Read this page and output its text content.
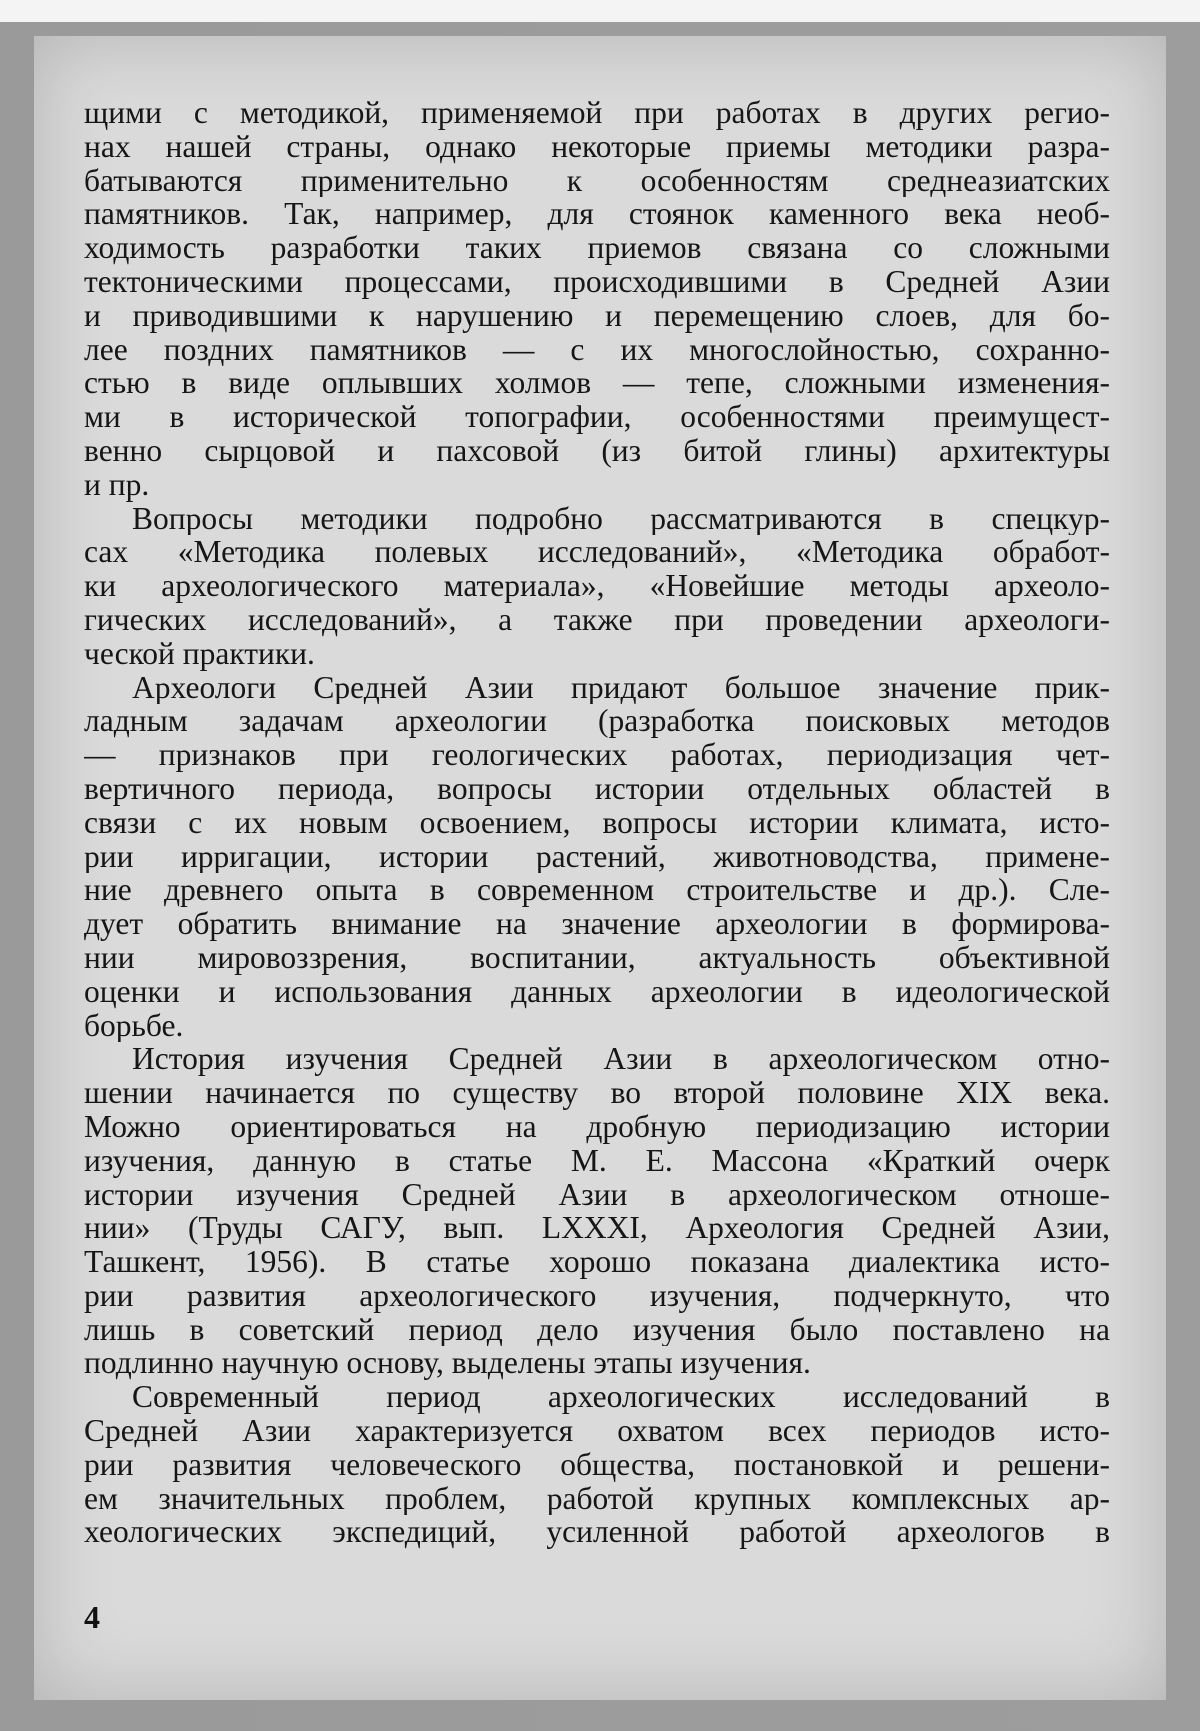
щими с методикой, применяемой при работах в других регио-
нах нашей страны, однако некоторые приемы методики разра-
батываются применительно к особенностям среднеазиатских
памятников. Так, например, для стоянок каменного века необ-
ходимость разработки таких приемов связана со сложными
тектоническими процессами, происходившими в Средней Азии
и приводившими к нарушению и перемещению слоев, для бо-
лее поздних памятников — с их многослойностью, сохранно-
стью в виде оплывших холмов — тепе, сложными изменения-
ми в исторической топографии, особенностями преимущест-
венно сырцовой и пахсовой (из битой глины) архитектуры
и пр.
Вопросы методики подробно рассматриваются в спецкур-
сах «Методика полевых исследований», «Методика обработ-
ки археологического материала», «Новейшие методы археоло-
гических исследований», а также при проведении археологи-
ческой практики.
Археологи Средней Азии придают большое значение прик-
ладным задачам археологии (разработка поисковых методов
— признаков при геологических работах, периодизация чет-
вертичного периода, вопросы истории отдельных областей в
связи с их новым освоением, вопросы истории климата, исто-
рии ирригации, истории растений, животноводства, примене-
ние древнего опыта в современном строительстве и др.). Сле-
дует обратить внимание на значение археологии в формирова-
нии мировоззрения, воспитании, актуальность объективной
оценки и использования данных археологии в идеологической
борьбе.
История изучения Средней Азии в археологическом отно-
шении начинается по существу во второй половине XIX века.
Можно ориентироваться на дробную периодизацию истории
изучения, данную в статье М. Е. Массона «Краткий очерк
истории изучения Средней Азии в археологическом отноше-
нии» (Труды САГУ, вып. LXXXI, Археология Средней Азии,
Ташкент, 1956). В статье хорошо показана диалектика исто-
рии развития археологического изучения, подчеркнуто, что
лишь в советский период дело изучения было поставлено на
подлинно научную основу, выделены этапы изучения.
Современный период археологических исследований в
Средней Азии характеризуется охватом всех периодов исто-
рии развития человеческого общества, постановкой и решени-
ем значительных проблем, работой крупных комплексных ар-
хеологических экспедиций, усиленной работой археологов в
4
